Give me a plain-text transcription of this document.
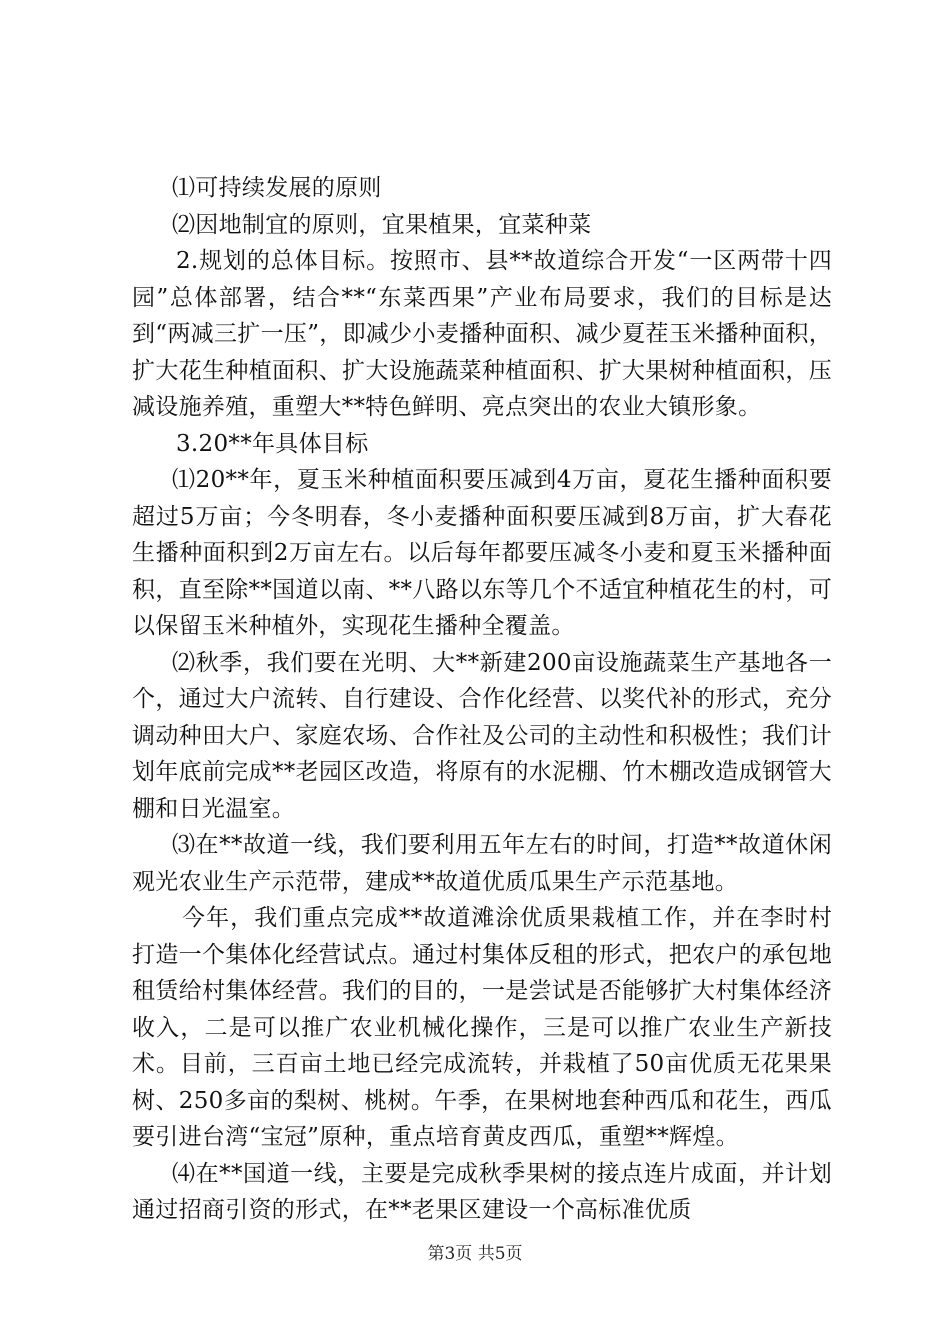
⑴可持续发展的原则

⑵因地制宜的原则，宜果植果，宜菜种菜

2.规划的总体目标。按照市、县**故道综合开发“一区两带十四园”总体部署，结合**“东菜西果”产业布局要求，我们的目标是达到“两减三扩一压”，即减少小麦播种面积、减少夏茬玉米播种面积，扩大花生种植面积、扩大设施蔬菜种植面积、扩大果树种植面积，压减设施养殖，重塑大**特色鲜明、亮点突出的农业大镇形象。

3.20**年具体目标

⑴20**年，夏玉米种植面积要压减到4万亩，夏花生播种面积要超过5万亩；今冬明春，冬小麦播种面积要压减到8万亩，扩大春花生播种面积到2万亩左右。以后每年都要压减冬小麦和夏玉米播种面积，直至除**国道以南、**八路以东等几个不适宜种植花生的村，可以保留玉米种植外，实现花生播种全覆盖。

⑵秋季，我们要在光明、大**新建200亩设施蔬菜生产基地各一个，通过大户流转、自行建设、合作化经营、以奖代补的形式，充分调动种田大户、家庭农场、合作社及公司的主动性和积极性；我们计划年底前完成**老园区改造，将原有的水泥棚、竹木棚改造成钢管大棚和日光温室。

⑶在**故道一线，我们要利用五年左右的时间，打造**故道休闲观光农业生产示范带，建成**故道优质瓜果生产示范基地。

今年，我们重点完成**故道滩涂优质果栽植工作，并在李时村打造一个集体化经营试点。通过村集体反租的形式，把农户的承包地租赁给村集体经营。我们的目的，一是尝试是否能够扩大村集体经济收入，二是可以推广农业机械化操作，三是可以推广农业生产新技术。目前，三百亩土地已经完成流转，并栽植了50亩优质无花果果树、250多亩的梨树、桃树。午季，在果树地套种西瓜和花生，西瓜要引进台湾“宝冠”原种，重点培育黄皮西瓜，重塑**辉煌。

⑷在**国道一线，主要是完成秋季果树的接点连片成面，并计划通过招商引资的形式，在**老果区建设一个高标准优质

第3页 共5页
